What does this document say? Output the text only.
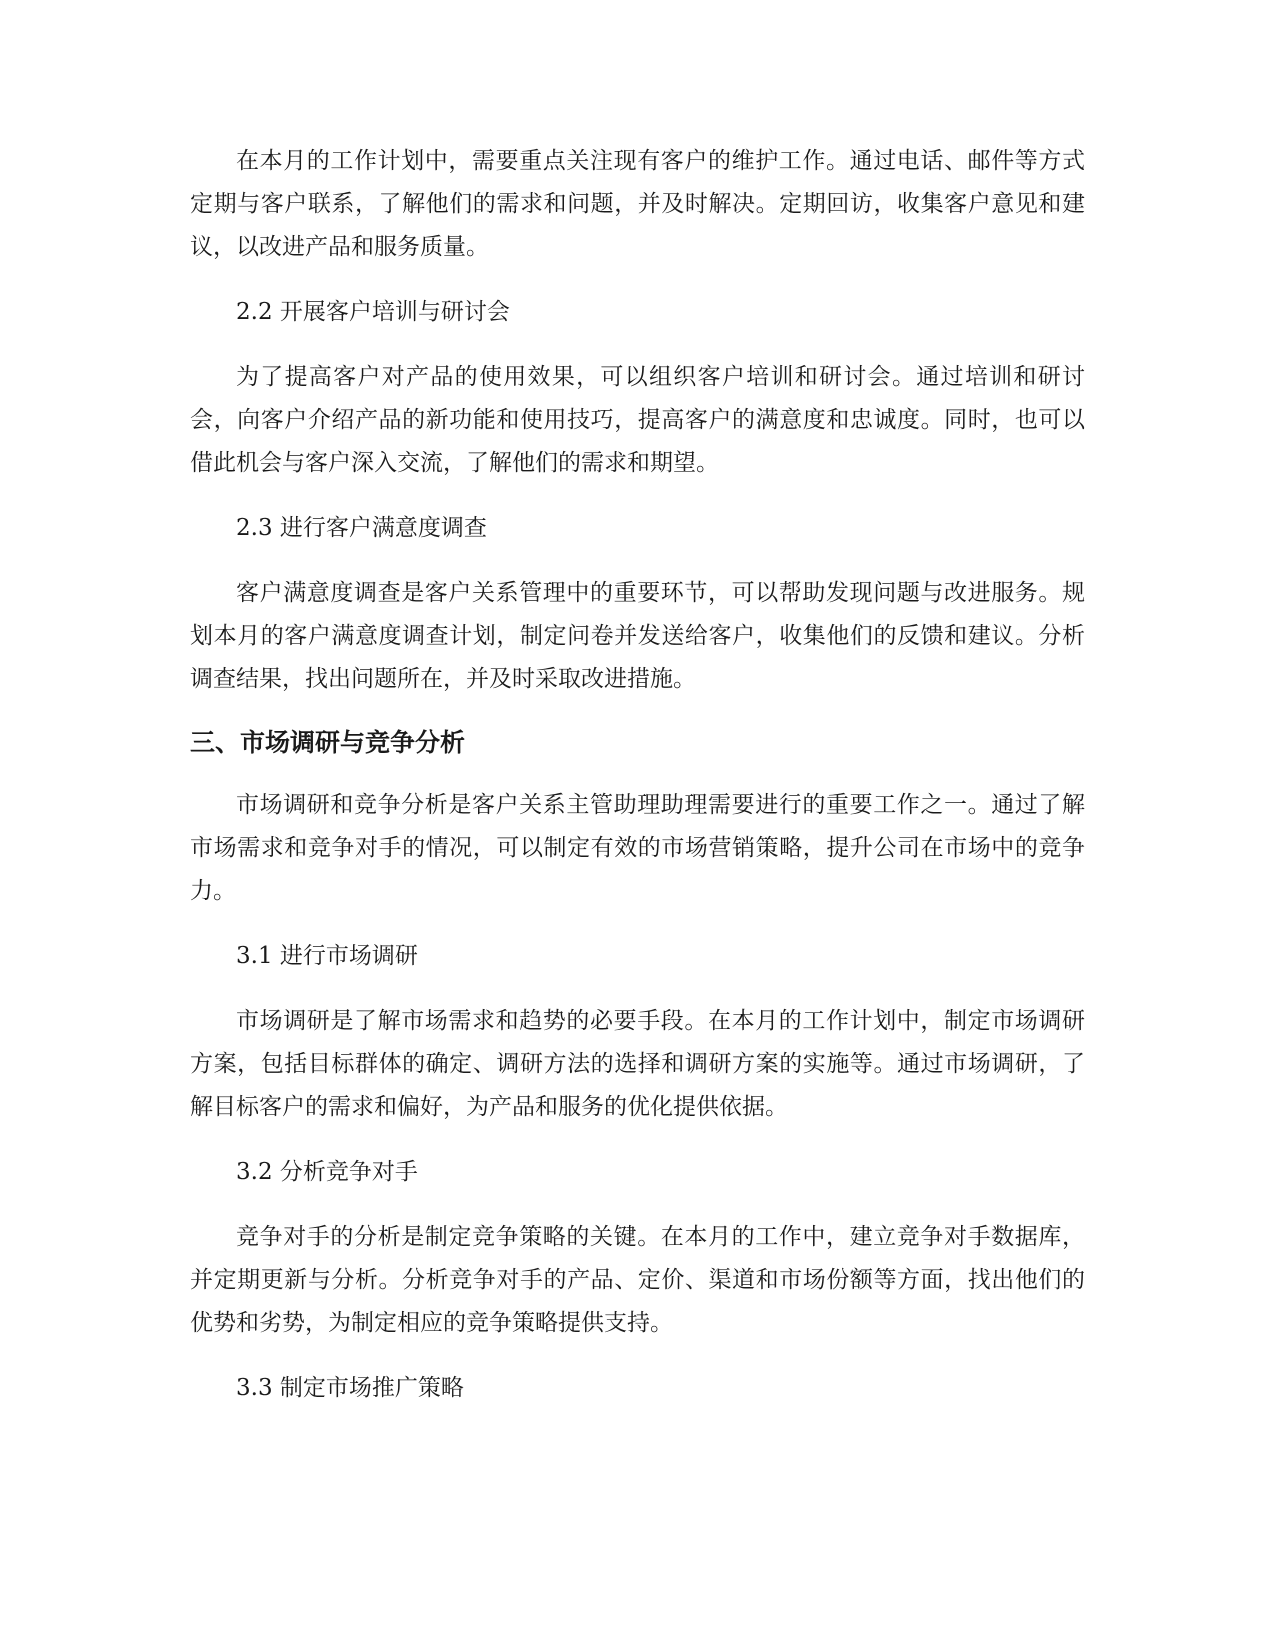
在本月的工作计划中，需要重点关注现有客户的维护工作。通过电话、邮件等方式定期与客户联系，了解他们的需求和问题，并及时解决。定期回访，收集客户意见和建议，以改进产品和服务质量。

2.2 开展客户培训与研讨会

为了提高客户对产品的使用效果，可以组织客户培训和研讨会。通过培训和研讨会，向客户介绍产品的新功能和使用技巧，提高客户的满意度和忠诚度。同时，也可以借此机会与客户深入交流，了解他们的需求和期望。

2.3 进行客户满意度调查

客户满意度调查是客户关系管理中的重要环节，可以帮助发现问题与改进服务。规划本月的客户满意度调查计划，制定问卷并发送给客户，收集他们的反馈和建议。分析调查结果，找出问题所在，并及时采取改进措施。

三、市场调研与竞争分析

市场调研和竞争分析是客户关系主管助理助理需要进行的重要工作之一。通过了解市场需求和竞争对手的情况，可以制定有效的市场营销策略，提升公司在市场中的竞争力。

3.1 进行市场调研

市场调研是了解市场需求和趋势的必要手段。在本月的工作计划中，制定市场调研方案，包括目标群体的确定、调研方法的选择和调研方案的实施等。通过市场调研，了解目标客户的需求和偏好，为产品和服务的优化提供依据。

3.2 分析竞争对手

竞争对手的分析是制定竞争策略的关键。在本月的工作中，建立竞争对手数据库，并定期更新与分析。分析竞争对手的产品、定价、渠道和市场份额等方面，找出他们的优势和劣势，为制定相应的竞争策略提供支持。

3.3 制定市场推广策略
